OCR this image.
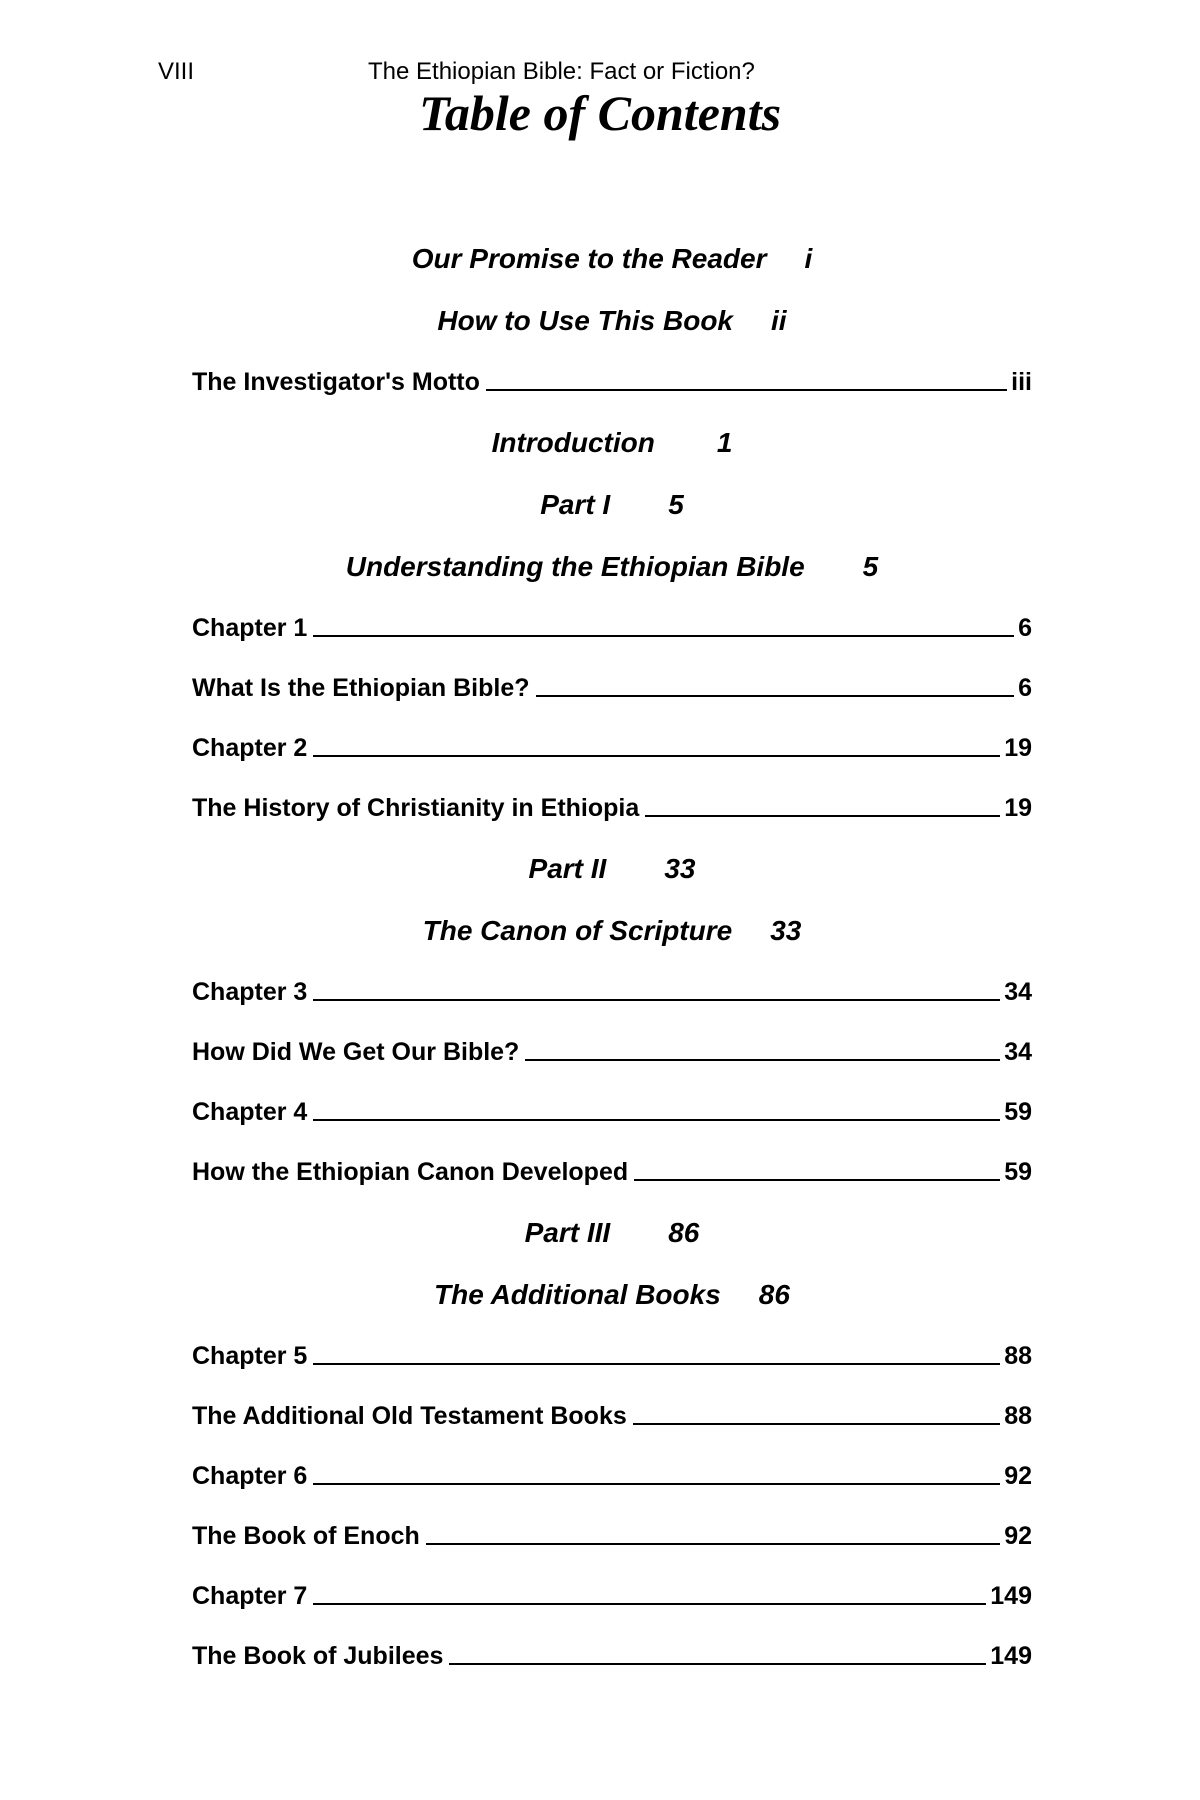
VIII	The Ethiopian Bible: Fact or Fiction?
Table of Contents
Our Promise to the Reader i
How to Use This Book ii
The Investigator's Motto	iii
Introduction 1
Part I 5
Understanding the Ethiopian Bible 5
Chapter 1	6
What Is the Ethiopian Bible?	6
Chapter 2	19
The History of Christianity in Ethiopia	19
Part II 33
The Canon of Scripture 33
Chapter 3	34
How Did We Get Our Bible?	34
Chapter 4	59
How the Ethiopian Canon Developed	59
Part III 86
The Additional Books 86
Chapter 5	88
The Additional Old Testament Books	88
Chapter 6	92
The Book of Enoch	92
Chapter 7	149
The Book of Jubilees	149
